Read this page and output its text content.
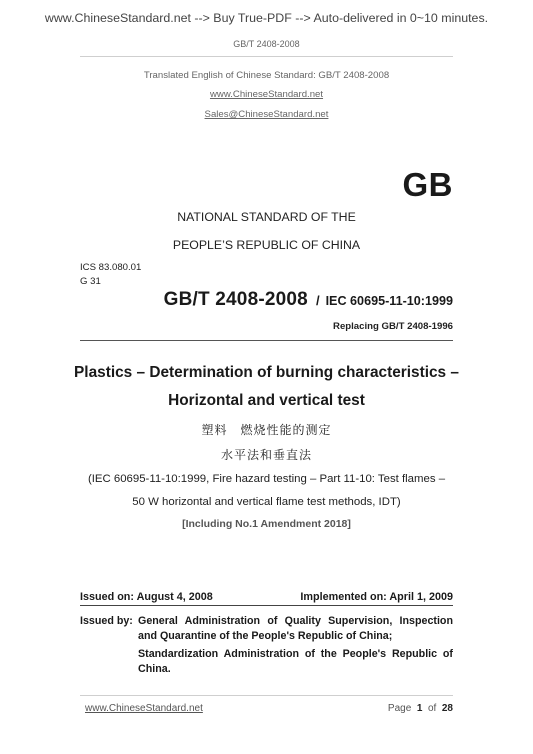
www.ChineseStandard.net --> Buy True-PDF --> Auto-delivered in 0~10 minutes.
GB/T 2408-2008
Translated English of Chinese Standard: GB/T 2408-2008
www.ChineseStandard.net
Sales@ChineseStandard.net
GB
NATIONAL STANDARD OF THE
PEOPLE’S REPUBLIC OF CHINA
ICS 83.080.01
G 31
GB/T 2408-2008 / IEC 60695-11-10:1999
Replacing GB/T 2408-1996
Plastics – Determination of burning characteristics –
Horizontal and vertical test
塑料　燃烧性能的测定
水平法和垂直法
(IEC 60695-11-10:1999, Fire hazard testing – Part 11-10: Test flames –
50 W horizontal and vertical flame test methods, IDT)
[Including No.1 Amendment 2018]
Issued on: August 4, 2008	Implemented on: April 1, 2009
Issued by: General Administration of Quality Supervision, Inspection and Quarantine of the People's Republic of China;
Standardization Administration of the People's Republic of China.
www.ChineseStandard.net	Page 1 of 28
